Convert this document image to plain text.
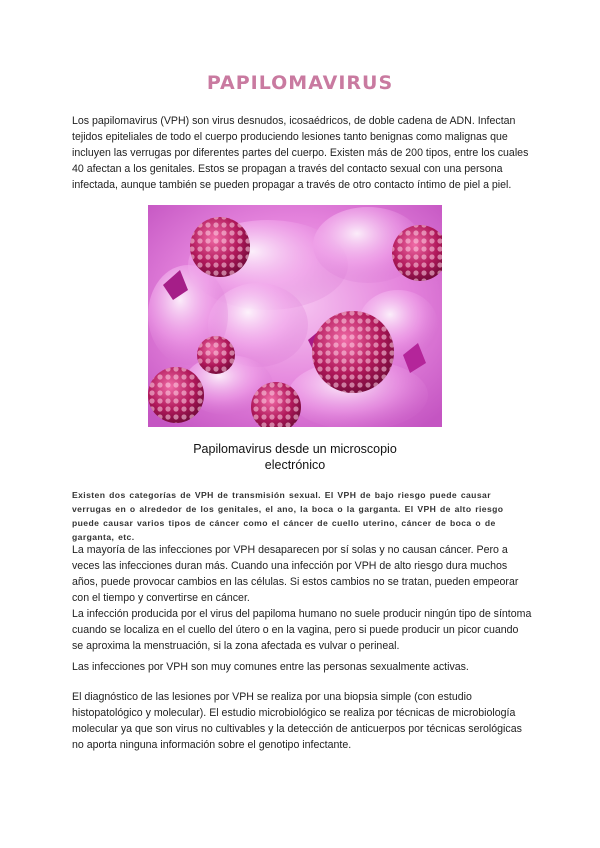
PAPILOMAVIRUS
Los papilomavirus (VPH) son virus desnudos, icosaédricos, de doble cadena de ADN. Infectan tejidos epiteliales de todo el cuerpo produciendo lesiones tanto benignas como malignas que incluyen las verrugas por diferentes partes del cuerpo. Existen más de 200 tipos, entre los cuales 40 afectan a los genitales. Estos se propagan a través del contacto sexual con una persona infectada, aunque también se pueden propagar a través de otro contacto íntimo de piel a piel.
Papilomavirus desde un microscopio
electrónico
Existen dos categorías de VPH de transmisión sexual. El VPH de bajo riesgo puede causar verrugas en o alrededor de los genitales, el ano, la boca o la garganta. El VPH de alto riesgo puede causar varios tipos de cáncer como el cáncer de cuello uterino, cáncer de boca o de garganta, etc.

La mayoría de las infecciones por VPH desaparecen por sí solas y no causan cáncer. Pero a veces las infecciones duran más. Cuando una infección por VPH de alto riesgo dura muchos años, puede provocar cambios en las células. Si estos cambios no se tratan, pueden empeorar con el tiempo y convertirse en cáncer.

La infección producida por el virus del papiloma humano no suele producir ningún tipo de síntoma cuando se localiza en el cuello del útero o en la vagina, pero si puede producir un picor cuando se aproxima la menstruación, si la zona afectada es vulvar o perineal.

Las infecciones por VPH son muy comunes entre las personas sexualmente activas.
El diagnóstico de las lesiones por VPH se realiza por una biopsia simple (con estudio histopatológico y molecular). El estudio microbiológico se realiza por técnicas de microbiología molecular ya que son virus no cultivables y la detección de anticuerpos por técnicas serológicas no aporta ninguna información sobre el genotipo infectante.
